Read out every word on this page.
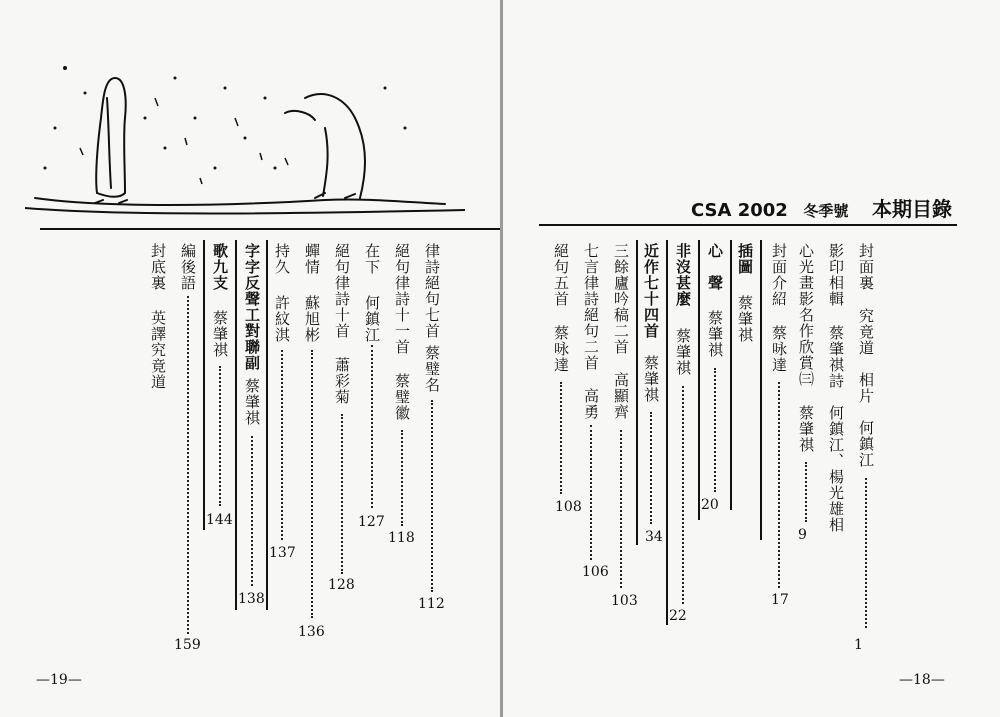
律詩絕句七首
蔡璧名
112
絕句律詩十一首
蔡璧徽
118
在下
何鎮江
127
絕句律詩十首
蕭彩菊
128
蟬情
蘇旭彬
136
持久
許紋淇
137
字字反聲工對聯副
蔡肇祺
138
歌九支
蔡肇祺
144
編後語
159
封底裏
英譯究竟道
—19—
CSA 2002 冬季號 本期目錄
封面裏
究竟道　相片　何鎮江
1
影印相輯
蔡肇祺詩　何鎮江、楊光雄相
心光畫影名作欣賞㈢
蔡肇祺
9
封面介紹
蔡咏達
17
插圖
蔡肇祺
心　聲
蔡肇祺
20
非沒甚麼
蔡肇祺
22
近作七十四首
蔡肇祺
34
三餘廬吟稿二首
高顯齊
103
七言律詩絕句二首
高勇
106
絕句五首
蔡咏達
108
—18—
